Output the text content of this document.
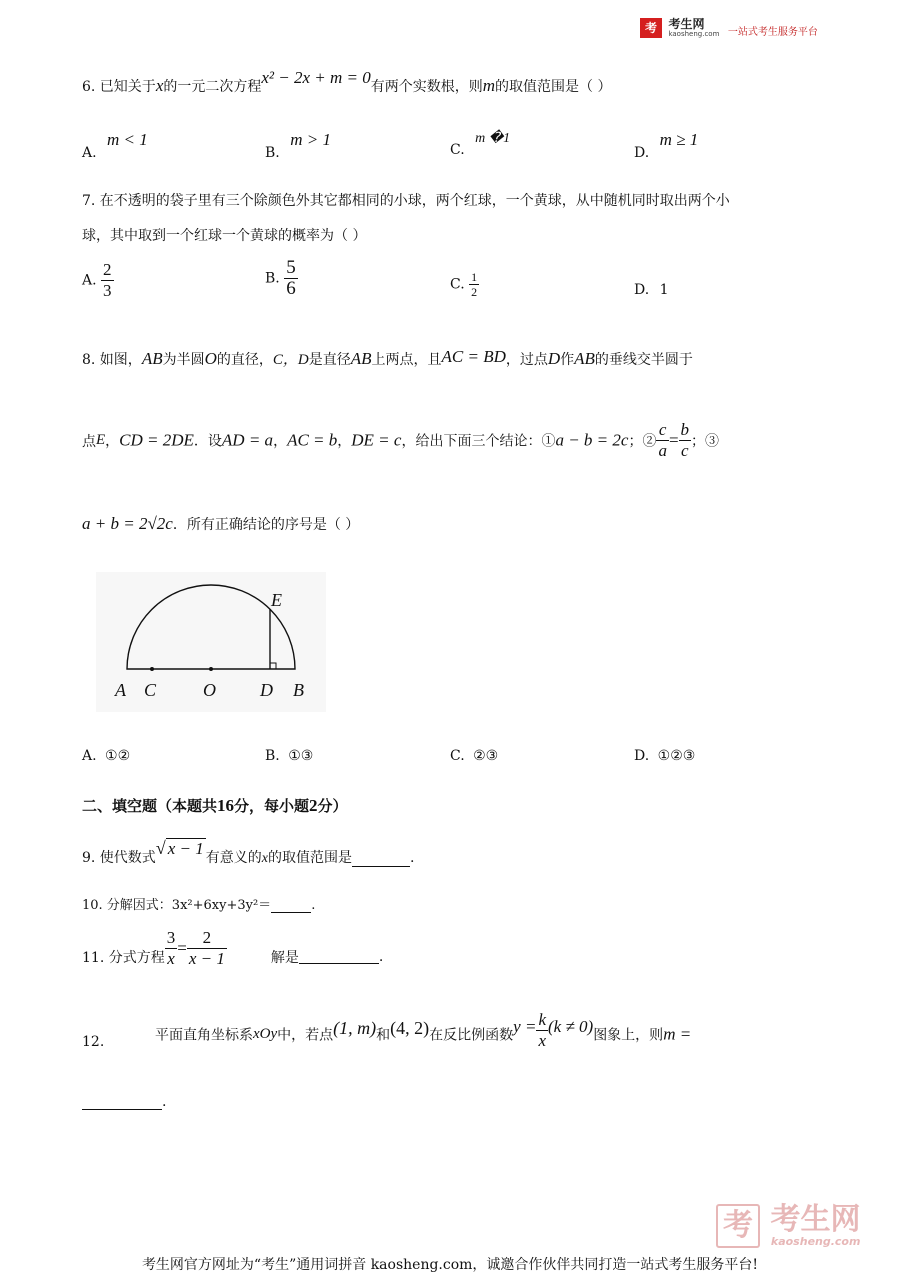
考 考生网
kaosheng.com 一站式考生服务平台
6. 已知关于x的一元二次方程x² − 2x + m = 0有两个实数根，则m的取值范围是（ ）
A. m < 1
B. m > 1
C. m �1
D. m ≥ 1
7. 在不透明的袋子里有三个除颜色外其它都相同的小球，两个红球，一个黄球，从中随机同时取出两个小
球，其中取到一个红球一个黄球的概率为（ ）
A. $\frac{2}{3}$	B. $\frac{5}{6}$	C. $\frac{1}{2}$	D. 1
8. 如图，AB为半圆O的直径，C，D是直径AB上两点，且AC = BD，过点D作AB的垂线交半圆于
点E，CD = 2DE．设AD = a，AC = b，DE = c，给出下面三个结论：①a − b = 2c；② $\frac{c}{a} = \frac{b}{c}$ ；③
a + b = 2√2c．所有正确结论的序号是（ ）
A C	O D B
E
A. ①②	B. ①③	C. ②③	D. ①②③
二、填空题（本题共16分，每小题2分）
9. 使代数式√ x − 1 有意义的x的取值范围是	.
10. 分解因式：3x²+6xy+3y²＝	.
11. 分式方程 $\frac{3}{x} = \frac{2}{x - 1}$	解是	.
12.	平面直角坐标系xOy中，若点(1, m)和(4, 2)在反比例函数$y = \frac{k}{x} (k \ne 0)$图象上，则m =
.
考 考生网
kaosheng.com
考生网官方网址为“考生”通用词拼音 kaosheng.com，诚邀合作伙伴共同打造一站式考生服务平台!
